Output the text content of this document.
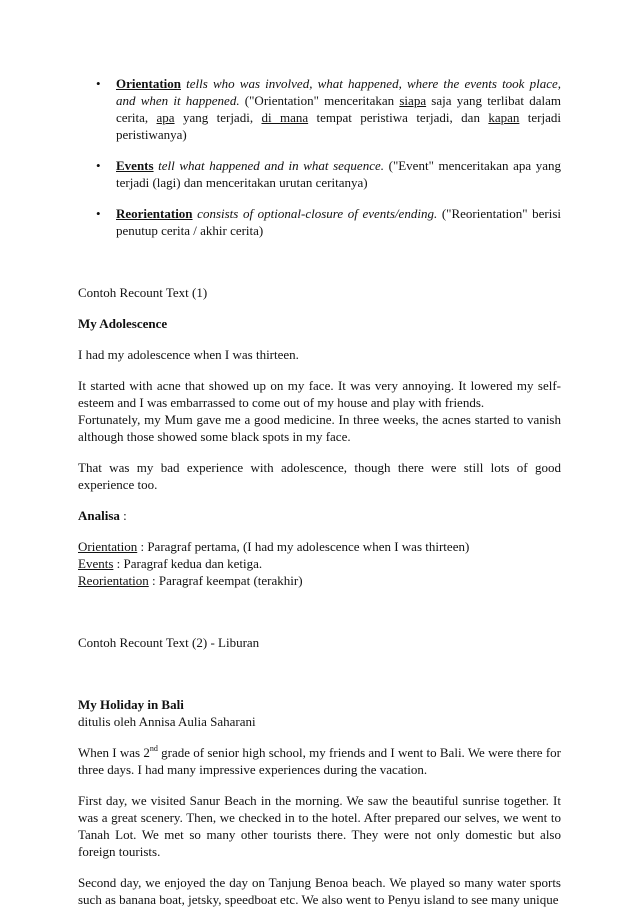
• Orientation tells who was involved, what happened, where the events took place, and when it happened. ("Orientation" menceritakan siapa saja yang terlibat dalam cerita, apa yang terjadi, di mana tempat peristiwa terjadi, dan kapan terjadi peristiwanya)
• Events tell what happened and in what sequence. ("Event" menceritakan apa yang terjadi (lagi) dan menceritakan urutan ceritanya)
• Reorientation consists of optional-closure of events/ending. ("Reorientation" berisi penutup cerita / akhir cerita)

Contoh Recount Text (1)

My Adolescence

I had my adolescence when I was thirteen.

It started with acne that showed up on my face. It was very annoying. It lowered my self-esteem and I was embarrassed to come out of my house and play with friends.

Fortunately, my Mum gave me a good medicine. In three weeks, the acnes started to vanish although those showed some black spots in my face.

That was my bad experience with adolescence, though there were still lots of good experience too.

Analisa :

Orientation : Paragraf pertama, (I had my adolescence when I was thirteen)
Events : Paragraf kedua dan ketiga.
Reorientation : Paragraf keempat (terakhir)

Contoh Recount Text (2) - Liburan

My Holiday in Bali
ditulis oleh Annisa Aulia Saharani

When I was 2nd grade of senior high school, my friends and I went to Bali. We were there for three days. I had many impressive experiences during the vacation.

First day, we visited Sanur Beach in the morning. We saw the beautiful sunrise together. It was a great scenery. Then, we checked in to the hotel. After prepared our selves, we went to Tanah Lot. We met so many other tourists there. They were not only domestic but also foreign tourists.

Second day, we enjoyed the day on Tanjung Benoa beach. We played so many water sports such as banana boat, jetsky, speedboat etc. We also went to Penyu island to see many unique
